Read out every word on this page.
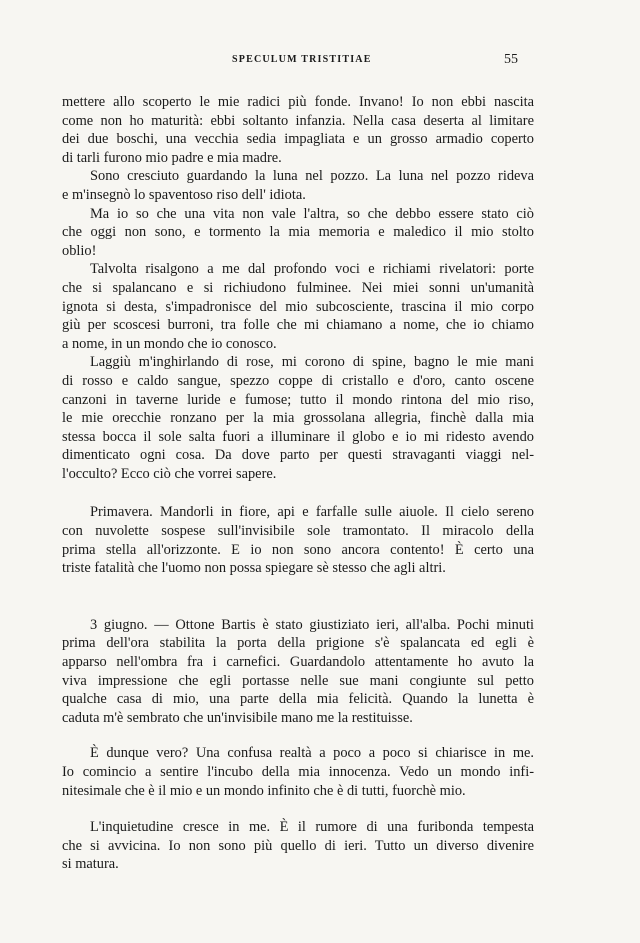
SPECULUM TRISTITIAE	55
mettere allo scoperto le mie radici più fonde. Invano! Io non ebbi nascita
come non ho maturità: ebbi soltanto infanzia. Nella casa deserta al limitare
dei due boschi, una vecchia sedia impagliata e un grosso armadio coperto
di tarli furono mio padre e mia madre.
Sono cresciuto guardando la luna nel pozzo. La luna nel pozzo rideva
e m'insegnò lo spaventoso riso dell' idiota.
Ma io so che una vita non vale l'altra, so che debbo essere stato ciò
che oggi non sono, e tormento la mia memoria e maledico il mio stolto
oblio!
Talvolta risalgono a me dal profondo voci e richiami rivelatori: porte
che si spalancano e si richiudono fulminee. Nei miei sonni un'umanità
ignota si desta, s'impadronisce del mio subcosciente, trascina il mio corpo
giù per scoscesi burroni, tra folle che mi chiamano a nome, che io chiamo
a nome, in un mondo che io conosco.
Laggiù m'inghirlando di rose, mi corono di spine, bagno le mie mani
di rosso e caldo sangue, spezzo coppe di cristallo e d'oro, canto oscene
canzoni in taverne luride e fumose; tutto il mondo rintona del mio riso,
le mie orecchie ronzano per la mia grossolana allegria, finchè dalla mia
stessa bocca il sole salta fuori a illuminare il globo e io mi ridesto avendo
dimenticato ogni cosa. Da dove parto per questi stravaganti viaggi nel-
l'occulto? Ecco ciò che vorrei sapere.
Primavera. Mandorli in fiore, api e farfalle sulle aiuole. Il cielo sereno
con nuvolette sospese sull'invisibile sole tramontato. Il miracolo della
prima stella all'orizzonte. E io non sono ancora contento! È certo una
triste fatalità che l'uomo non possa spiegare sè stesso che agli altri.
3 giugno. — Ottone Bartis è stato giustiziato ieri, all'alba. Pochi minuti
prima dell'ora stabilita la porta della prigione s'è spalancata ed egli è
apparso nell'ombra fra i carnefici. Guardandolo attentamente ho avuto la
viva impressione che egli portasse nelle sue mani congiunte sul petto
qualche casa di mio, una parte della mia felicità. Quando la lunetta è
caduta m'è sembrato che un'invisibile mano me la restituisse.
È dunque vero? Una confusa realtà a poco a poco si chiarisce in me.
Io comincio a sentire l'incubo della mia innocenza. Vedo un mondo infi-
nitesimale che è il mio e un mondo infinito che è di tutti, fuorchè mio.
L'inquietudine cresce in me. È il rumore di una furibonda tempesta
che si avvicina. Io non sono più quello di ieri. Tutto un diverso divenire
si matura.
